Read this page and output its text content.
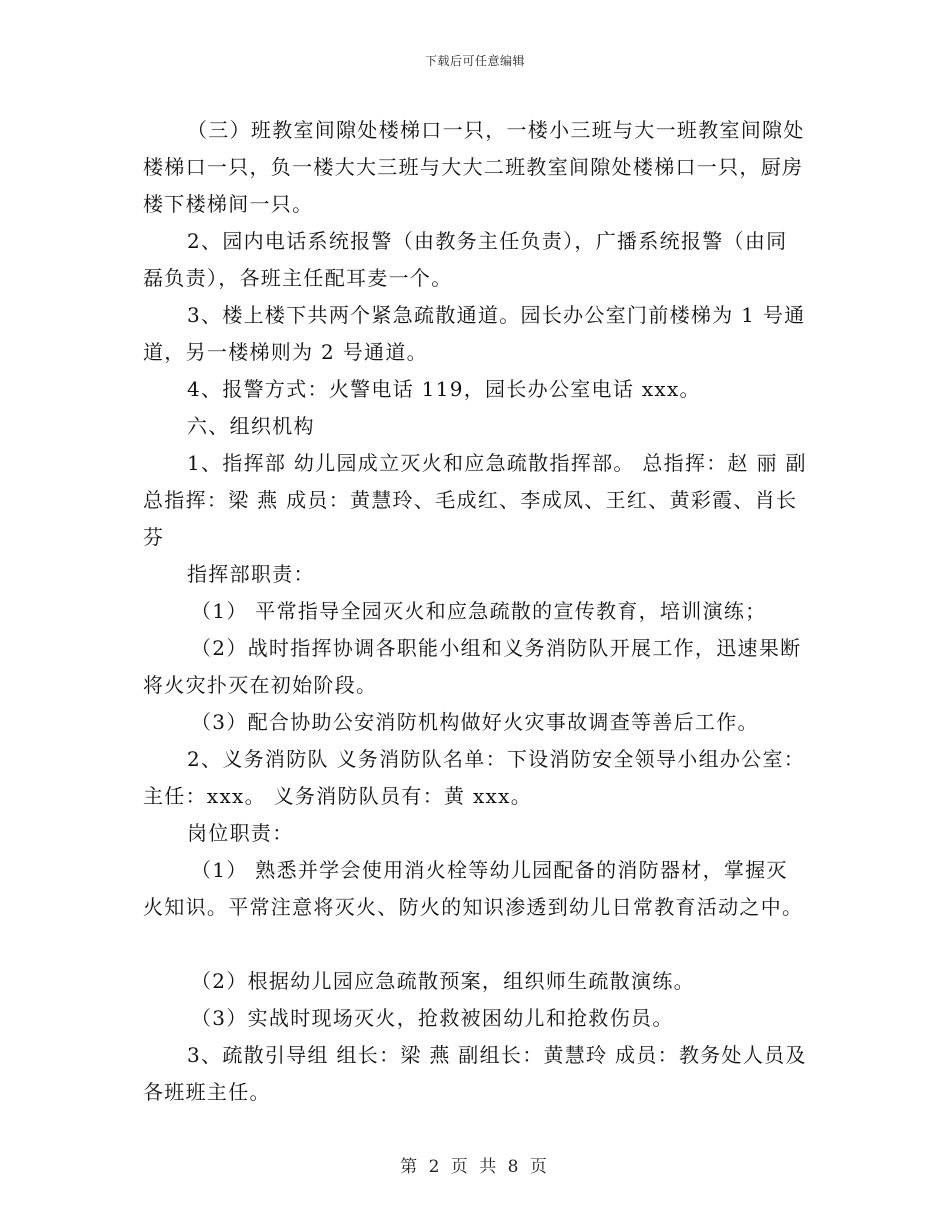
下载后可任意编辑

（三）班教室间隙处楼梯口一只，一楼小三班与大一班教室间隙处楼梯口一只，负一楼大大三班与大大二班教室间隙处楼梯口一只，厨房楼下楼梯间一只。

2、园内电话系统报警（由教务主任负责），广播系统报警（由同磊负责），各班主任配耳麦一个。

3、楼上楼下共两个紧急疏散通道。园长办公室门前楼梯为 1 号通道，另一楼梯则为 2 号通道。

4、报警方式：火警电话 119，园长办公室电话 xxx。

六、组织机构

1、指挥部 幼儿园成立灭火和应急疏散指挥部。 总指挥：赵 丽 副总指挥：梁 燕 成员：黄慧玲、毛成红、李成凤、王红、黄彩霞、肖长芬

指挥部职责：

（1） 平常指导全园灭火和应急疏散的宣传教育，培训演练；

（2）战时指挥协调各职能小组和义务消防队开展工作，迅速果断将火灾扑灭在初始阶段。

（3）配合协助公安消防机构做好火灾事故调查等善后工作。

2、义务消防队 义务消防队名单：下设消防安全领导小组办公室：主任：xxx。 义务消防队员有：黄 xxx。

岗位职责：

（1） 熟悉并学会使用消火栓等幼儿园配备的消防器材，掌握灭火知识。平常注意将灭火、防火的知识渗透到幼儿日常教育活动之中。

（2）根据幼儿园应急疏散预案，组织师生疏散演练。

（3）实战时现场灭火，抢救被困幼儿和抢救伤员。

3、疏散引导组 组长：梁 燕 副组长：黄慧玲 成员：教务处人员及各班班主任。

第 2 页 共 8 页
